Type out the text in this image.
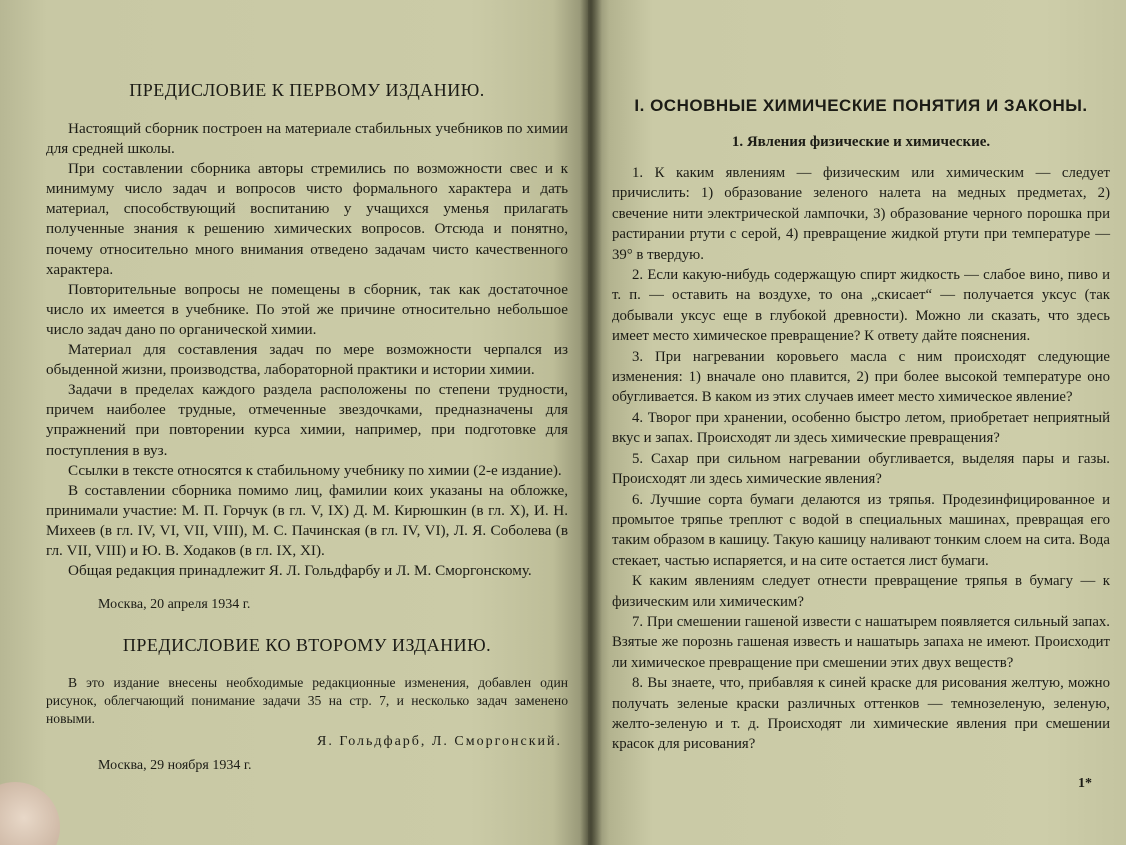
ПРЕДИСЛОВИЕ К ПЕРВОМУ ИЗДАНИЮ.

Настоящий сборник построен на материале стабильных учебников по химии для средней школы.

При составлении сборника авторы стремились по возможности свес и к минимуму число задач и вопросов чисто формального характера и дать материал, способствующий воспитанию у учащихся уменья прилагать полученные знания к решению химических вопросов. Отсюда и понятно, почему относительно много внимания отведено задачам чисто качественного характера.

Повторительные вопросы не помещены в сборник, так как достаточное число их имеется в учебнике. По этой же причине относительно небольшое число задач дано по органической химии.

Материал для составления задач по мере возможности черпался из обыденной жизни, производства, лабораторной практики и истории химии.

Задачи в пределах каждого раздела расположены по степени трудности, причем наиболее трудные, отмеченные звездочками, предназначены для упражнений при повторении курса химии, например, при подготовке для поступления в вуз.

Ссылки в тексте относятся к стабильному учебнику по химии (2-е издание).

В составлении сборника помимо лиц, фамилии коих указаны на обложке, принимали участие: М. П. Горчук (в гл. V, IX) Д. М. Кирюшкин (в гл. X), И. Н. Михеев (в гл. IV, VI, VII, VIII), М. С. Пачинская (в гл. IV, VI), Л. Я. Соболева (в гл. VII, VIII) и Ю. В. Ходаков (в гл. IX, XI).

Общая редакция принадлежит Я. Л. Гольдфарбу и Л. М. Сморгонскому.

Москва, 20 апреля 1934 г.
ПРЕДИСЛОВИЕ КО ВТОРОМУ ИЗДАНИЮ.

В это издание внесены необходимые редакционные изменения, добавлен один рисунок, облегчающий понимание задачи 35 на стр. 7, и несколько задач заменено новыми.

Я. Гольдфарб, Л. Сморгонский.
Москва, 29 ноября 1934 г.
I. ОСНОВНЫЕ ХИМИЧЕСКИЕ ПОНЯТИЯ И ЗАКОНЫ.
1. Явления физические и химические.

1. К каким явлениям — физическим или химическим — следует причислить: 1) образование зеленого налета на медных предметах, 2) свечение нити электрической лампочки, 3) образование черного порошка при растирании ртути с серой, 4) превращение жидкой ртути при температуре — 39° в твердую.

2. Если какую-нибудь содержащую спирт жидкость — слабое вино, пиво и т. п. — оставить на воздухе, то она „скисает“ — получается уксус (так добывали уксус еще в глубокой древности). Можно ли сказать, что здесь имеет место химическое превращение? К ответу дайте пояснения.

3. При нагревании коровьего масла с ним происходят следующие изменения: 1) вначале оно плавится, 2) при более высокой температуре оно обугливается. В каком из этих случаев имеет место химическое явление?

4. Творог при хранении, особенно быстро летом, приобретает неприятный вкус и запах. Происходят ли здесь химические превращения?

5. Сахар при сильном нагревании обугливается, выделяя пары и газы. Происходят ли здесь химические явления?

6. Лучшие сорта бумаги делаются из тряпья. Продезинфицированное и промытое тряпье треплют с водой в специальных машинах, превращая его таким образом в кашицу. Такую кашицу наливают тонким слоем на сита. Вода стекает, частью испаряется, и на сите остается лист бумаги.

К каким явлениям следует отнести превращение тряпья в бумагу — к физическим или химическим?

7. При смешении гашеной извести с нашатырем появляется сильный запах. Взятые же порознь гашеная известь и нашатырь запаха не имеют. Происходит ли химическое превращение при смешении этих двух веществ?

8. Вы знаете, что, прибавляя к синей краске для рисования желтую, можно получать зеленые краски различных оттенков — темнозеленую, зеленую, желто-зеленую и т. д. Происходят ли химические явления при смешении красок для рисования?

1*
